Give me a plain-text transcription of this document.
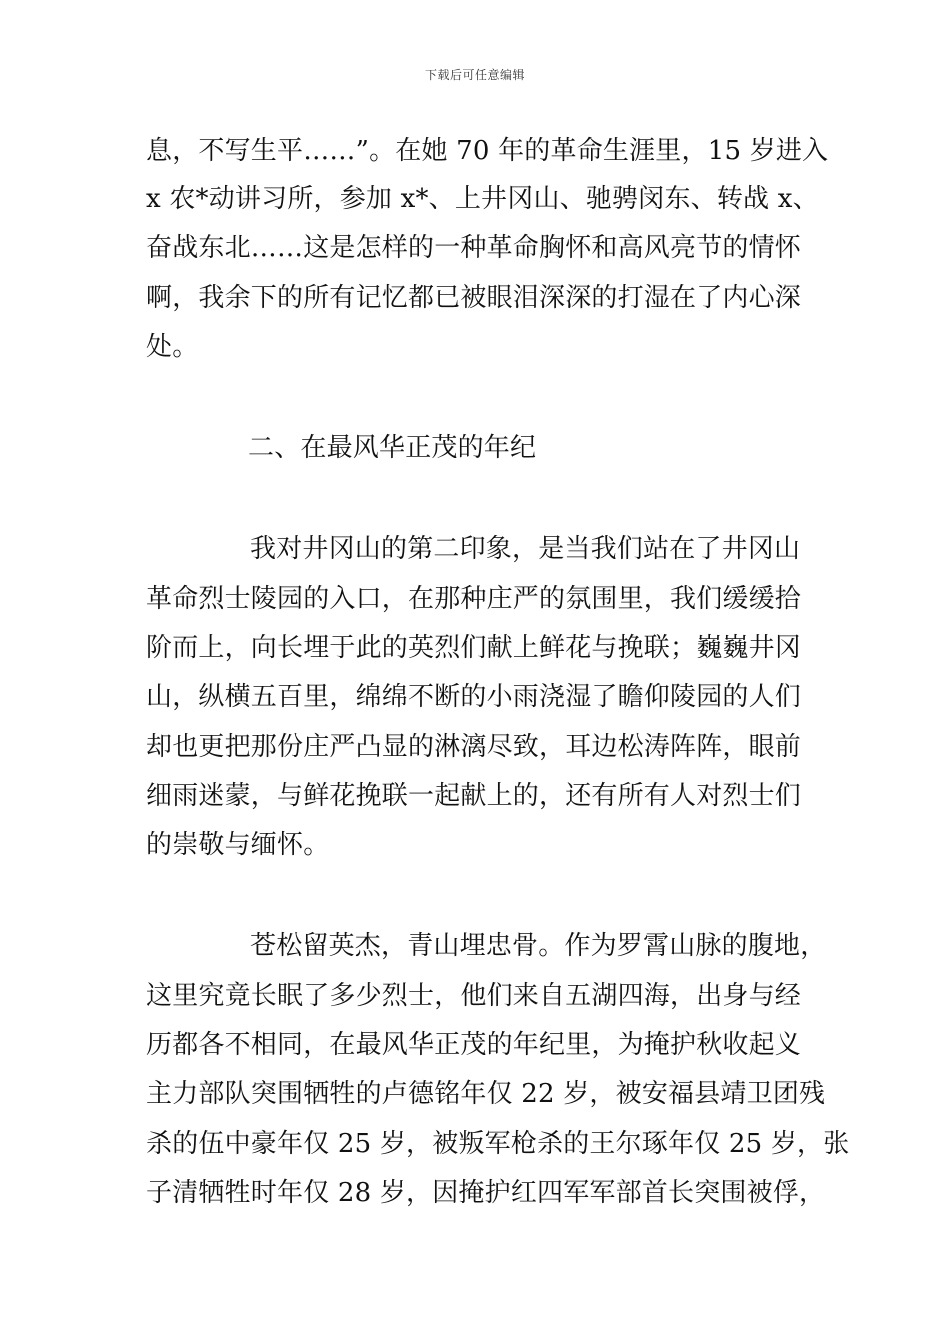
下载后可任意编辑
息，不写生平……”。在她 70 年的革命生涯里，15 岁进入
x 农*动讲习所，参加 x*、上井冈山、驰骋闵东、转战 x、
奋战东北……这是怎样的一种革命胸怀和高风亮节的情怀
啊，我余下的所有记忆都已被眼泪深深的打湿在了内心深
处。
二、在最风华正茂的年纪
我对井冈山的第二印象，是当我们站在了井冈山
革命烈士陵园的入口，在那种庄严的氛围里，我们缓缓拾
阶而上，向长埋于此的英烈们献上鲜花与挽联；巍巍井冈
山，纵横五百里，绵绵不断的小雨浇湿了瞻仰陵园的人们
却也更把那份庄严凸显的淋漓尽致，耳边松涛阵阵，眼前
细雨迷蒙，与鲜花挽联一起献上的，还有所有人对烈士们
的崇敬与缅怀。
苍松留英杰，青山埋忠骨。作为罗霄山脉的腹地，
这里究竟长眠了多少烈士，他们来自五湖四海，出身与经
历都各不相同，在最风华正茂的年纪里，为掩护秋收起义
主力部队突围牺牲的卢德铭年仅 22 岁，被安福县靖卫团残
杀的伍中豪年仅 25 岁，被叛军枪杀的王尔琢年仅 25 岁，张
子清牺牲时年仅 28 岁，因掩护红四军军部首长突围被俘，
